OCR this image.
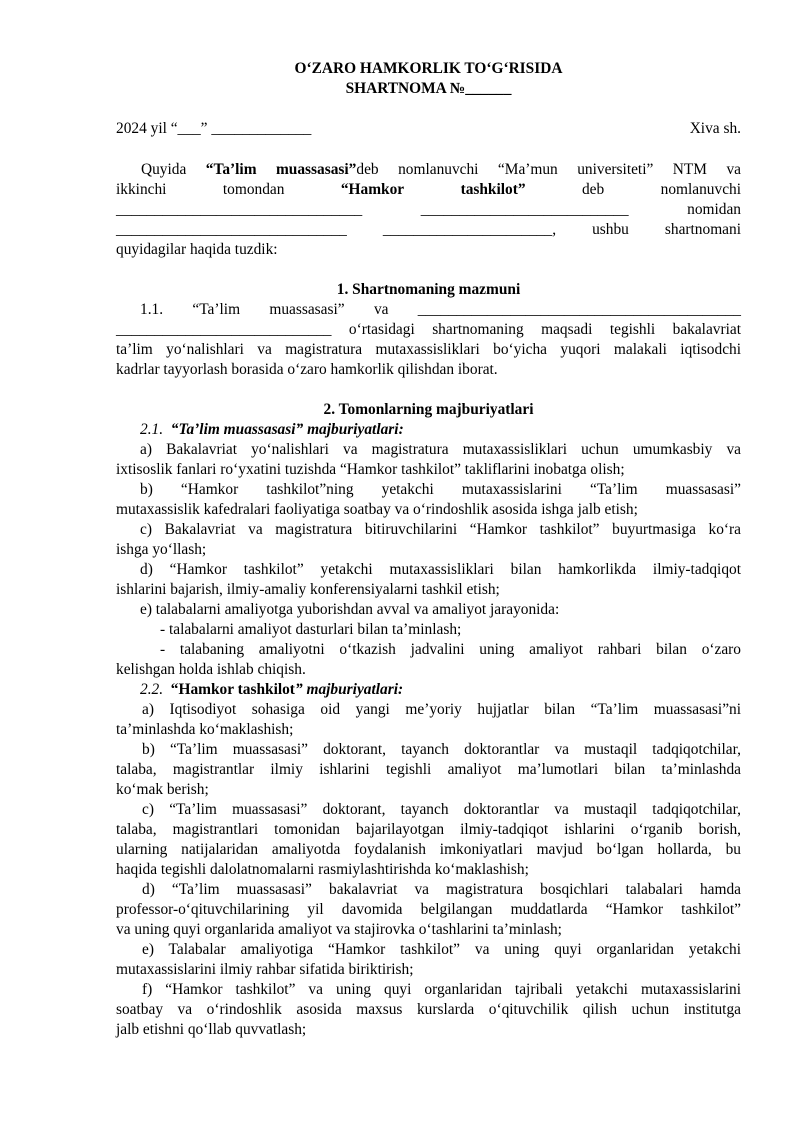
O‘ZARO HAMKORLIK TO‘G‘RISIDA
SHARTNOMA №______
2024 yil “___” _____________	Xiva sh.
Quyida “Ta’lim muassasasi”deb nomlanuvchi “Ma’mun universiteti” NTM va
ikkinchi	tomondan	“Hamkor	tashkilot”	deb	nomlanuvchi
________________________________	___________________________	nomidan
______________________________ ______________________, ushbu shartnomani
quyidagilar haqida tuzdik:
1. Shartnomaning mazmuni
1.1. “Ta’lim muassasasi” va __________________________________________
____________________________ o‘rtasidagi shartnomaning maqsadi tegishli bakalavriat
ta’lim yo‘nalishlari va magistratura mutaxassisliklari bo‘yicha yuqori malakali iqtisodchi
kadrlar tayyorlash borasida o‘zaro hamkorlik qilishdan iborat.
2. Tomonlarning majburiyatlari
2.1. “Ta’lim muassasasi” majburiyatlari:
a) Bakalavriat yo‘nalishlari va magistratura mutaxassisliklari uchun umumkasbiy va
ixtisoslik fanlari ro‘yxatini tuzishda “Hamkor tashkilot” takliflarini inobatga olish;
b) “Hamkor tashkilot”ning yetakchi mutaxassislarini “Ta’lim muassasasi”
mutaxassislik kafedralari faoliyatiga soatbay va o‘rindoshlik asosida ishga jalb etish;
c) Bakalavriat va magistratura bitiruvchilarini “Hamkor tashkilot” buyurtmasiga ko‘ra
ishga yo‘llash;
d) “Hamkor tashkilot” yetakchi mutaxassisliklari bilan hamkorlikda ilmiy-tadqiqot
ishlarini bajarish, ilmiy-amaliy konferensiyalarni tashkil etish;
e) talabalarni amaliyotga yuborishdan avval va amaliyot jarayonida:
- talabalarni amaliyot dasturlari bilan ta’minlash;
- talabaning amaliyotni o‘tkazish jadvalini uning amaliyot rahbari bilan o‘zaro
kelishgan holda ishlab chiqish.
2.2. “Hamkor tashkilot” majburiyatlari:
a) Iqtisodiyot sohasiga oid yangi me’yoriy hujjatlar bilan “Ta’lim muassasasi”ni
ta’minlashda ko‘maklashish;
b) “Ta’lim muassasasi” doktorant, tayanch doktorantlar va mustaqil tadqiqotchilar,
talaba, magistrantlar ilmiy ishlarini tegishli amaliyot ma’lumotlari bilan ta’minlashda
ko‘mak berish;
c) “Ta’lim muassasasi” doktorant, tayanch doktorantlar va mustaqil tadqiqotchilar,
talaba, magistrantlari tomonidan bajarilayotgan ilmiy-tadqiqot ishlarini o‘rganib borish,
ularning natijalaridan amaliyotda foydalanish imkoniyatlari mavjud bo‘lgan hollarda, bu
haqida tegishli dalolatnomalarni rasmiylashtirishda ko‘maklashish;
d) “Ta’lim muassasasi” bakalavriat va magistratura bosqichlari talabalari hamda
professor-o‘qituvchilarining yil davomida belgilangan muddatlarda “Hamkor tashkilot”
va uning quyi organlarida amaliyot va stajirovka o‘tashlarini ta’minlash;
e) Talabalar amaliyotiga “Hamkor tashkilot” va uning quyi organlaridan yetakchi
mutaxassislarini ilmiy rahbar sifatida biriktirish;
f) “Hamkor tashkilot” va uning quyi organlaridan tajribali yetakchi mutaxassislarini
soatbay va o‘rindoshlik asosida maxsus kurslarda o‘qituvchilik qilish uchun institutga
jalb etishni qo‘llab quvvatlash;
